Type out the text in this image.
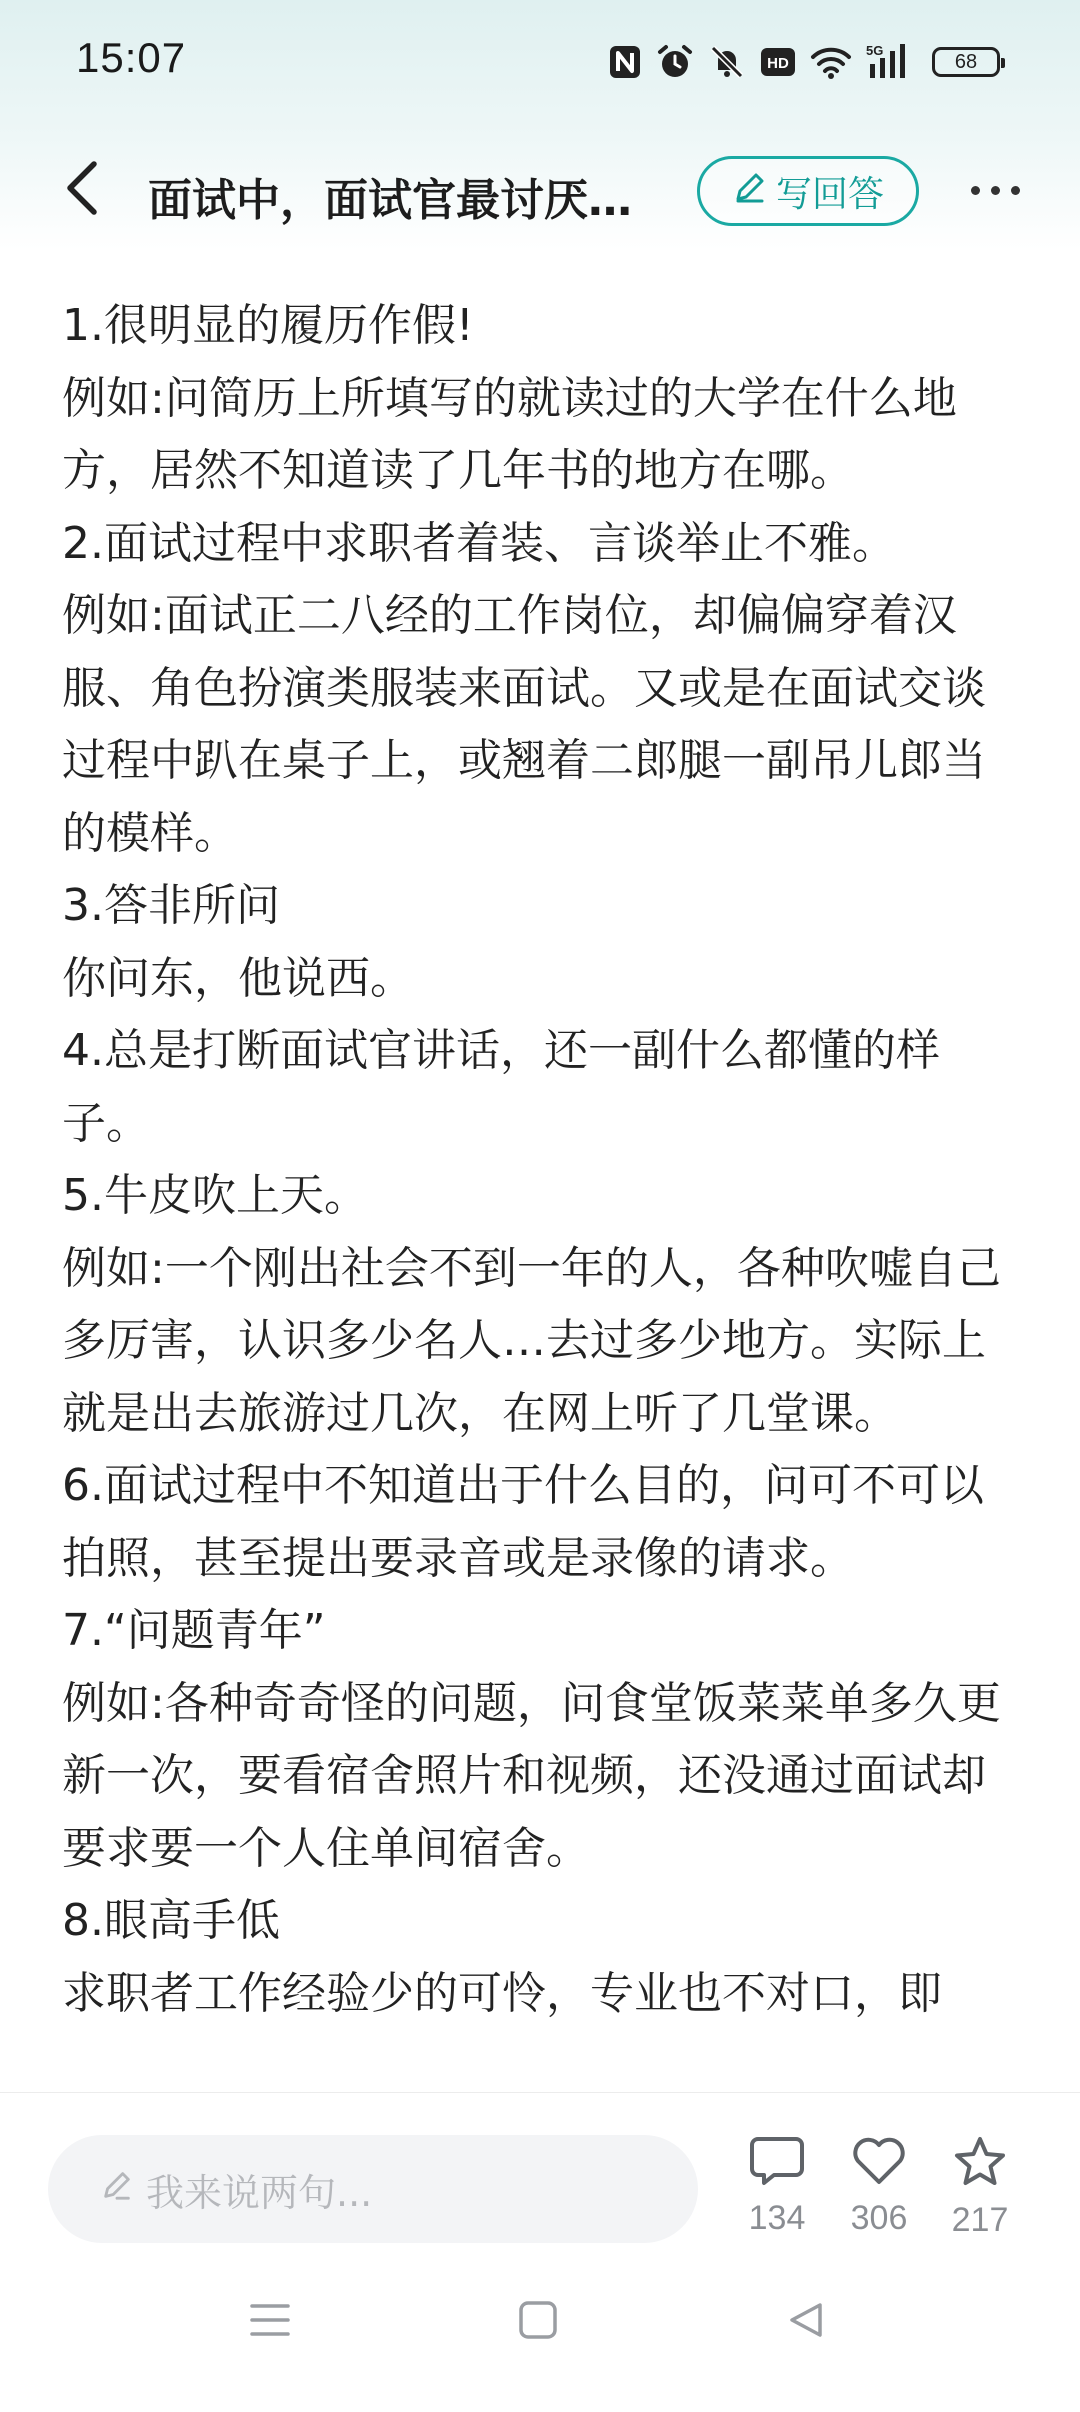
15:07	HD
5G	68
面试中，面试官最讨厌…	写回答

1.很明显的履历作假!

例如:问简历上所填写的就读过的大学在什么地方，居然不知道读了几年书的地方在哪。

2.面试过程中求职者着装、言谈举止不雅。

例如:面试正二八经的工作岗位，却偏偏穿着汉服、角色扮演类服装来面试。又或是在面试交谈过程中趴在桌子上，或翘着二郎腿一副吊儿郎当的模样。

3.答非所问

你问东，他说西。

4.总是打断面试官讲话，还一副什么都懂的样子。

5.牛皮吹上天。

例如:一个刚出社会不到一年的人，各种吹嘘自己多厉害，认识多少名人…去过多少地方。实际上就是出去旅游过几次，在网上听了几堂课。

6.面试过程中不知道出于什么目的，问可不可以拍照，甚至提出要录音或是录像的请求。

7.“问题青年”

例如:各种奇奇怪的问题，问食堂饭菜菜单多久更新一次，要看宿舍照片和视频，还没通过面试却要求要一个人住单间宿舍。

8.眼高手低

求职者工作经验少的可怜，专业也不对口，即

我来说两句...
134 306 217
